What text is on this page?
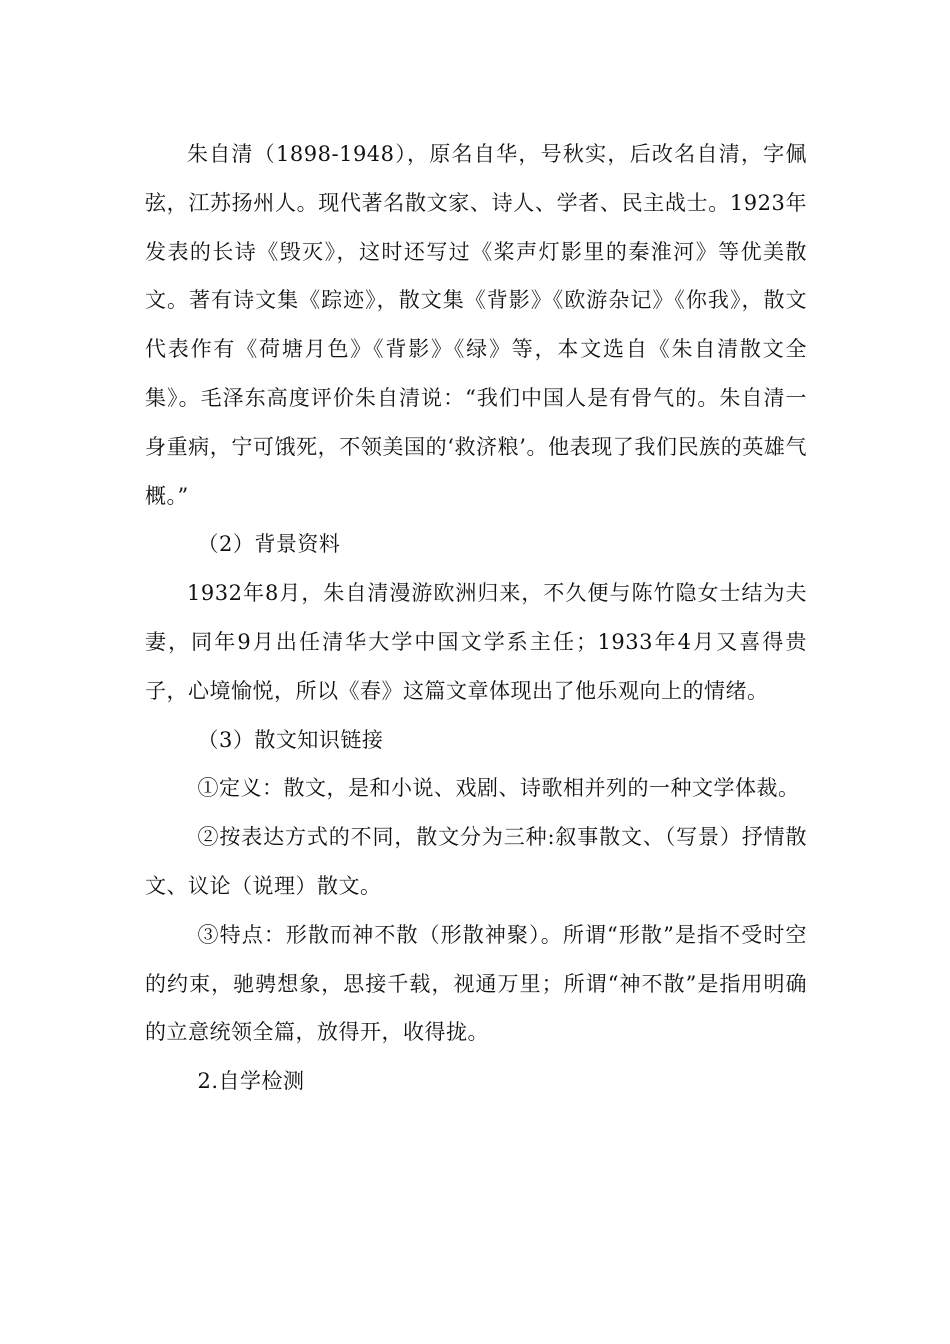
朱自清（1898-1948），原名自华，号秋实，后改名自清，字佩弦，江苏扬州人。现代著名散文家、诗人、学者、民主战士。1923年发表的长诗《毁灭》，这时还写过《桨声灯影里的秦淮河》等优美散文。著有诗文集《踪迹》，散文集《背影》《欧游杂记》《你我》，散文代表作有《荷塘月色》《背影》《绿》等，本文选自《朱自清散文全集》。毛泽东高度评价朱自清说：“我们中国人是有骨气的。朱自清一身重病，宁可饿死，不领美国的‘救济粮’。他表现了我们民族的英雄气概。”

（2）背景资料

1932年8月，朱自清漫游欧洲归来，不久便与陈竹隐女士结为夫妻，同年9月出任清华大学中国文学系主任；1933年4月又喜得贵子，心境愉悦，所以《春》这篇文章体现出了他乐观向上的情绪。

（3）散文知识链接

①定义：散文，是和小说、戏剧、诗歌相并列的一种文学体裁。

②按表达方式的不同，散文分为三种:叙事散文、（写景）抒情散文、议论（说理）散文。

③特点：形散而神不散（形散神聚）。所谓“形散”是指不受时空的约束，驰骋想象，思接千载，视通万里；所谓“神不散”是指用明确的立意统领全篇，放得开，收得拢。

2.自学检测
